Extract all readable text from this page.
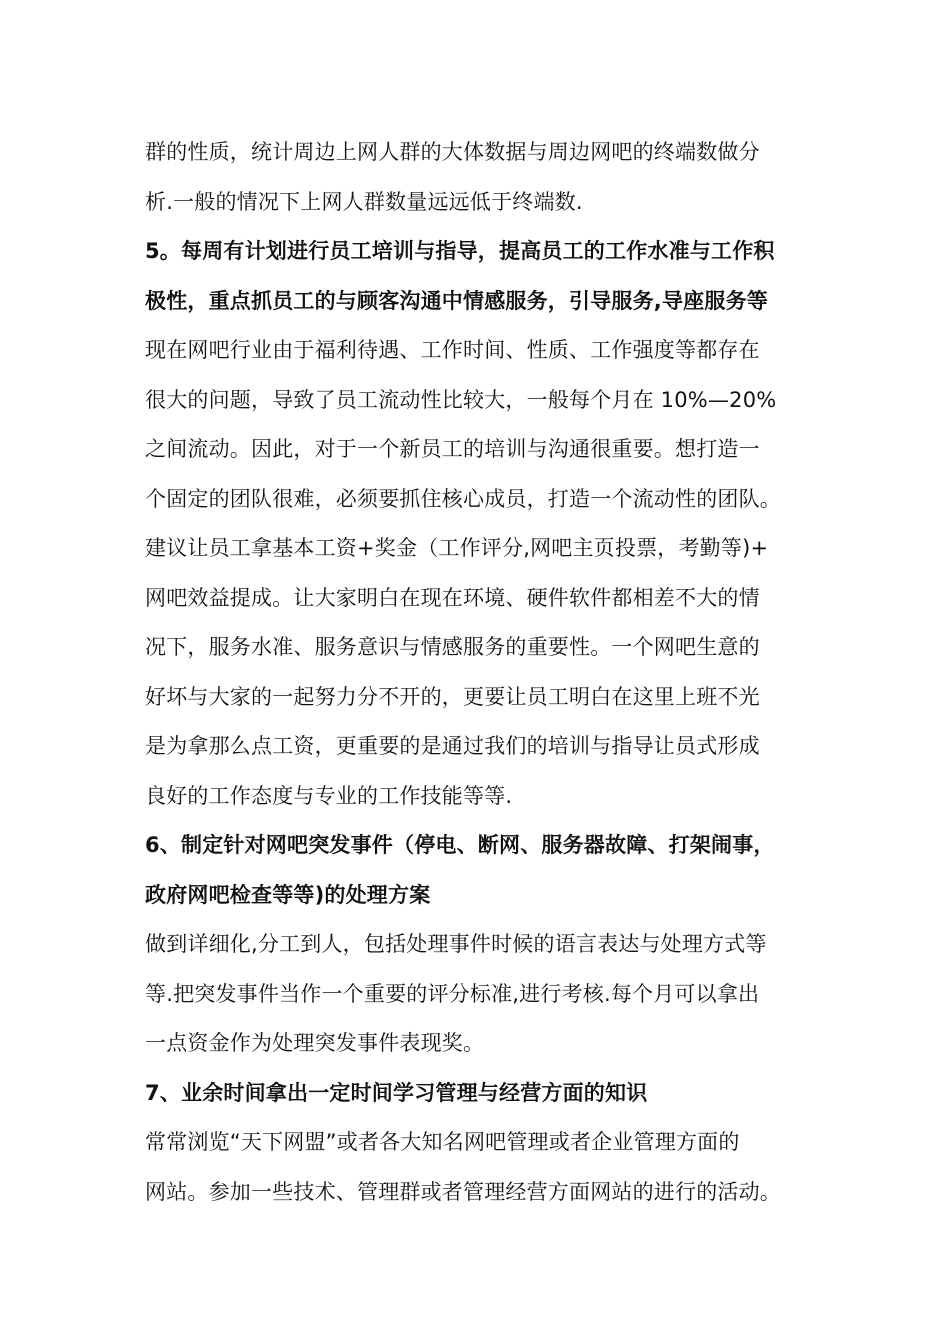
群的性质，统计周边上网人群的大体数据与周边网吧的终端数做分
析.一般的情况下上网人群数量远远低于终端数.
5。每周有计划进行员工培训与指导，提高员工的工作水准与工作积
极性，重点抓员工的与顾客沟通中情感服务，引导服务,导座服务等
现在网吧行业由于福利待遇、工作时间、性质、工作强度等都存在
很大的问题，导致了员工流动性比较大，一般每个月在 10%—20%
之间流动。因此，对于一个新员工的培训与沟通很重要。想打造一
个固定的团队很难，必须要抓住核心成员，打造一个流动性的团队。
建议让员工拿基本工资+奖金（工作评分,网吧主页投票，考勤等)+
网吧效益提成。让大家明白在现在环境、硬件软件都相差不大的情
况下，服务水准、服务意识与情感服务的重要性。一个网吧生意的
好坏与大家的一起努力分不开的，更要让员工明白在这里上班不光
是为拿那么点工资，更重要的是通过我们的培训与指导让员式形成
良好的工作态度与专业的工作技能等等.
6、制定针对网吧突发事件（停电、断网、服务器故障、打架闹事，
政府网吧检查等等)的处理方案
做到详细化,分工到人，包括处理事件时候的语言表达与处理方式等
等.把突发事件当作一个重要的评分标准,进行考核.每个月可以拿出
一点资金作为处理突发事件表现奖。
7、业余时间拿出一定时间学习管理与经营方面的知识
常常浏览“天下网盟”或者各大知名网吧管理或者企业管理方面的
网站。参加一些技术、管理群或者管理经营方面网站的进行的活动。
